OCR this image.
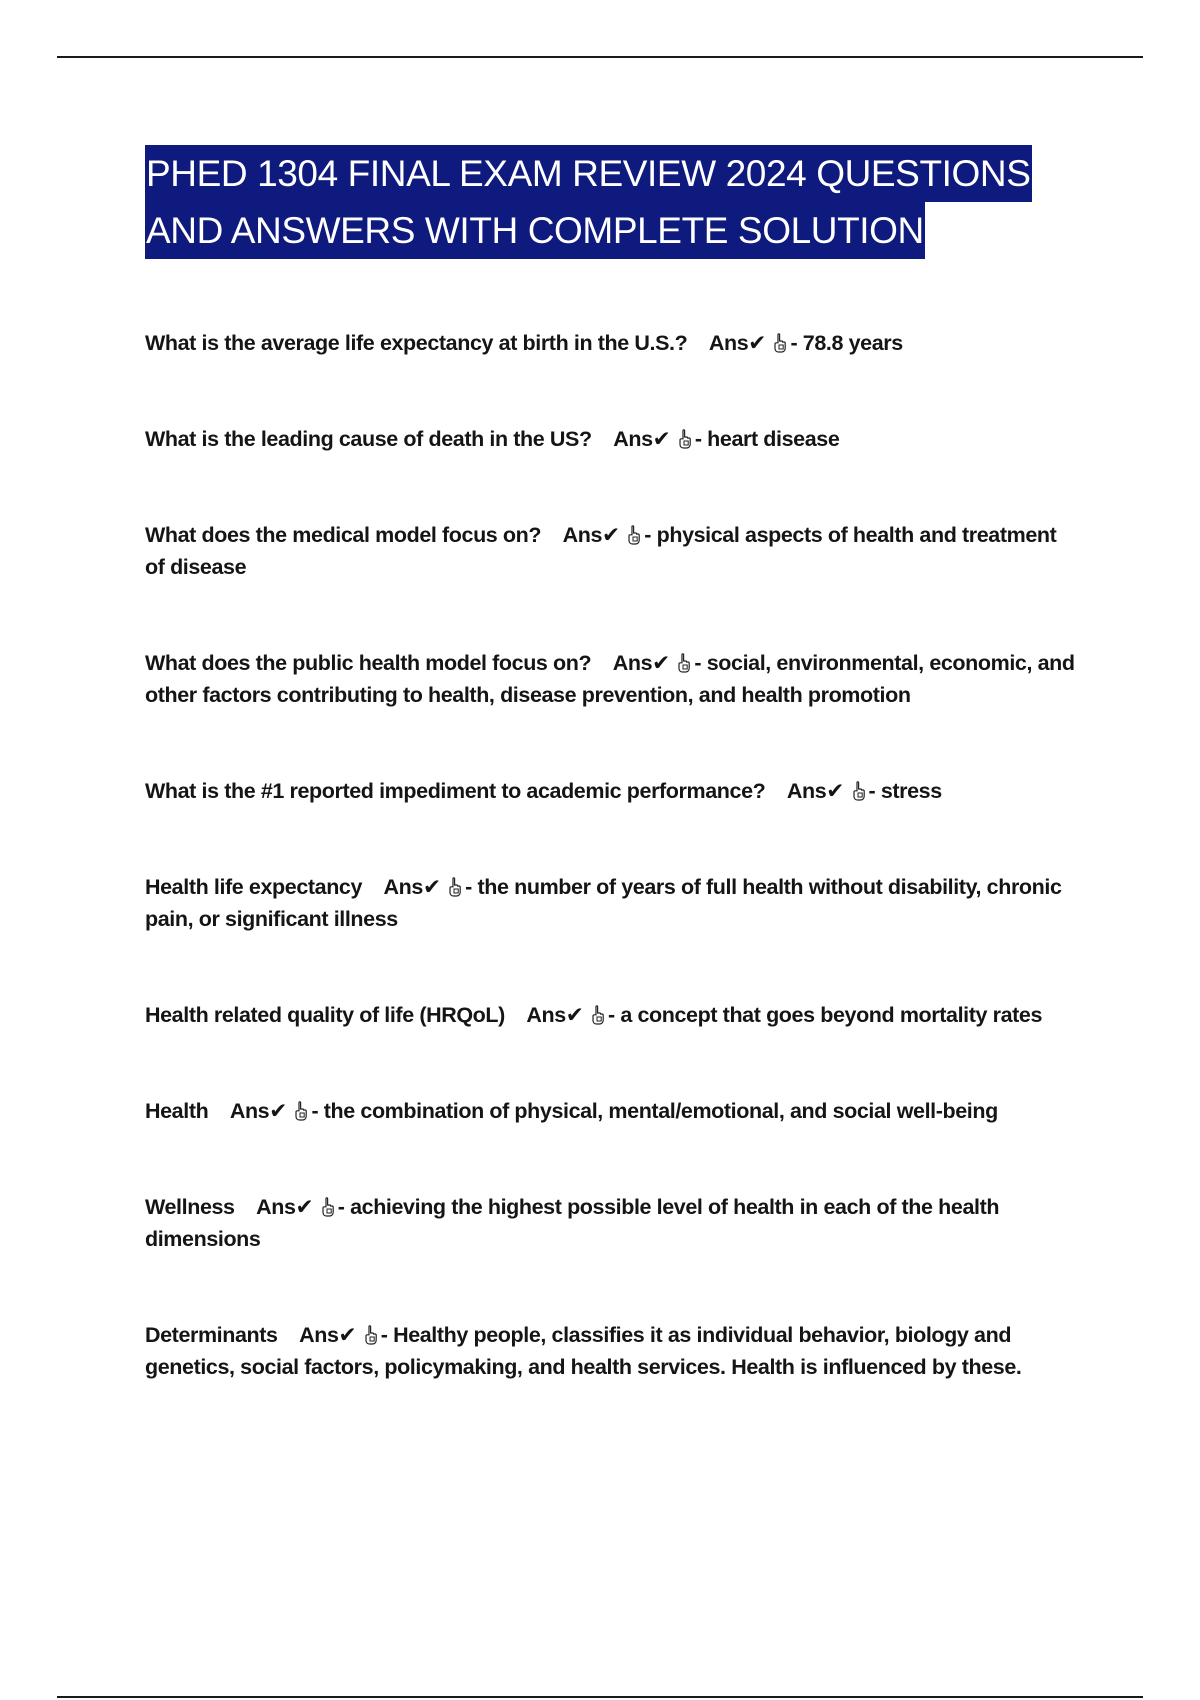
PHED 1304 FINAL EXAM REVIEW 2024 QUESTIONS
AND ANSWERS WITH COMPLETE SOLUTION
What is the average life expectancy at birth in the U.S.? Ans✔ - 78.8 years
What is the leading cause of death in the US? Ans✔ - heart disease
What does the medical model focus on? Ans✔ - physical aspects of health and treatment of disease
What does the public health model focus on? Ans✔ - social, environmental, economic, and other factors contributing to health, disease prevention, and health promotion
What is the #1 reported impediment to academic performance? Ans✔ - stress
Health life expectancy Ans✔ - the number of years of full health without disability, chronic pain, or significant illness
Health related quality of life (HRQoL) Ans✔ - a concept that goes beyond mortality rates
Health Ans✔ - the combination of physical, mental/emotional, and social well-being
Wellness Ans✔ - achieving the highest possible level of health in each of the health dimensions
Determinants Ans✔ - Healthy people, classifies it as individual behavior, biology and genetics, social factors, policymaking, and health services. Health is influenced by these.
